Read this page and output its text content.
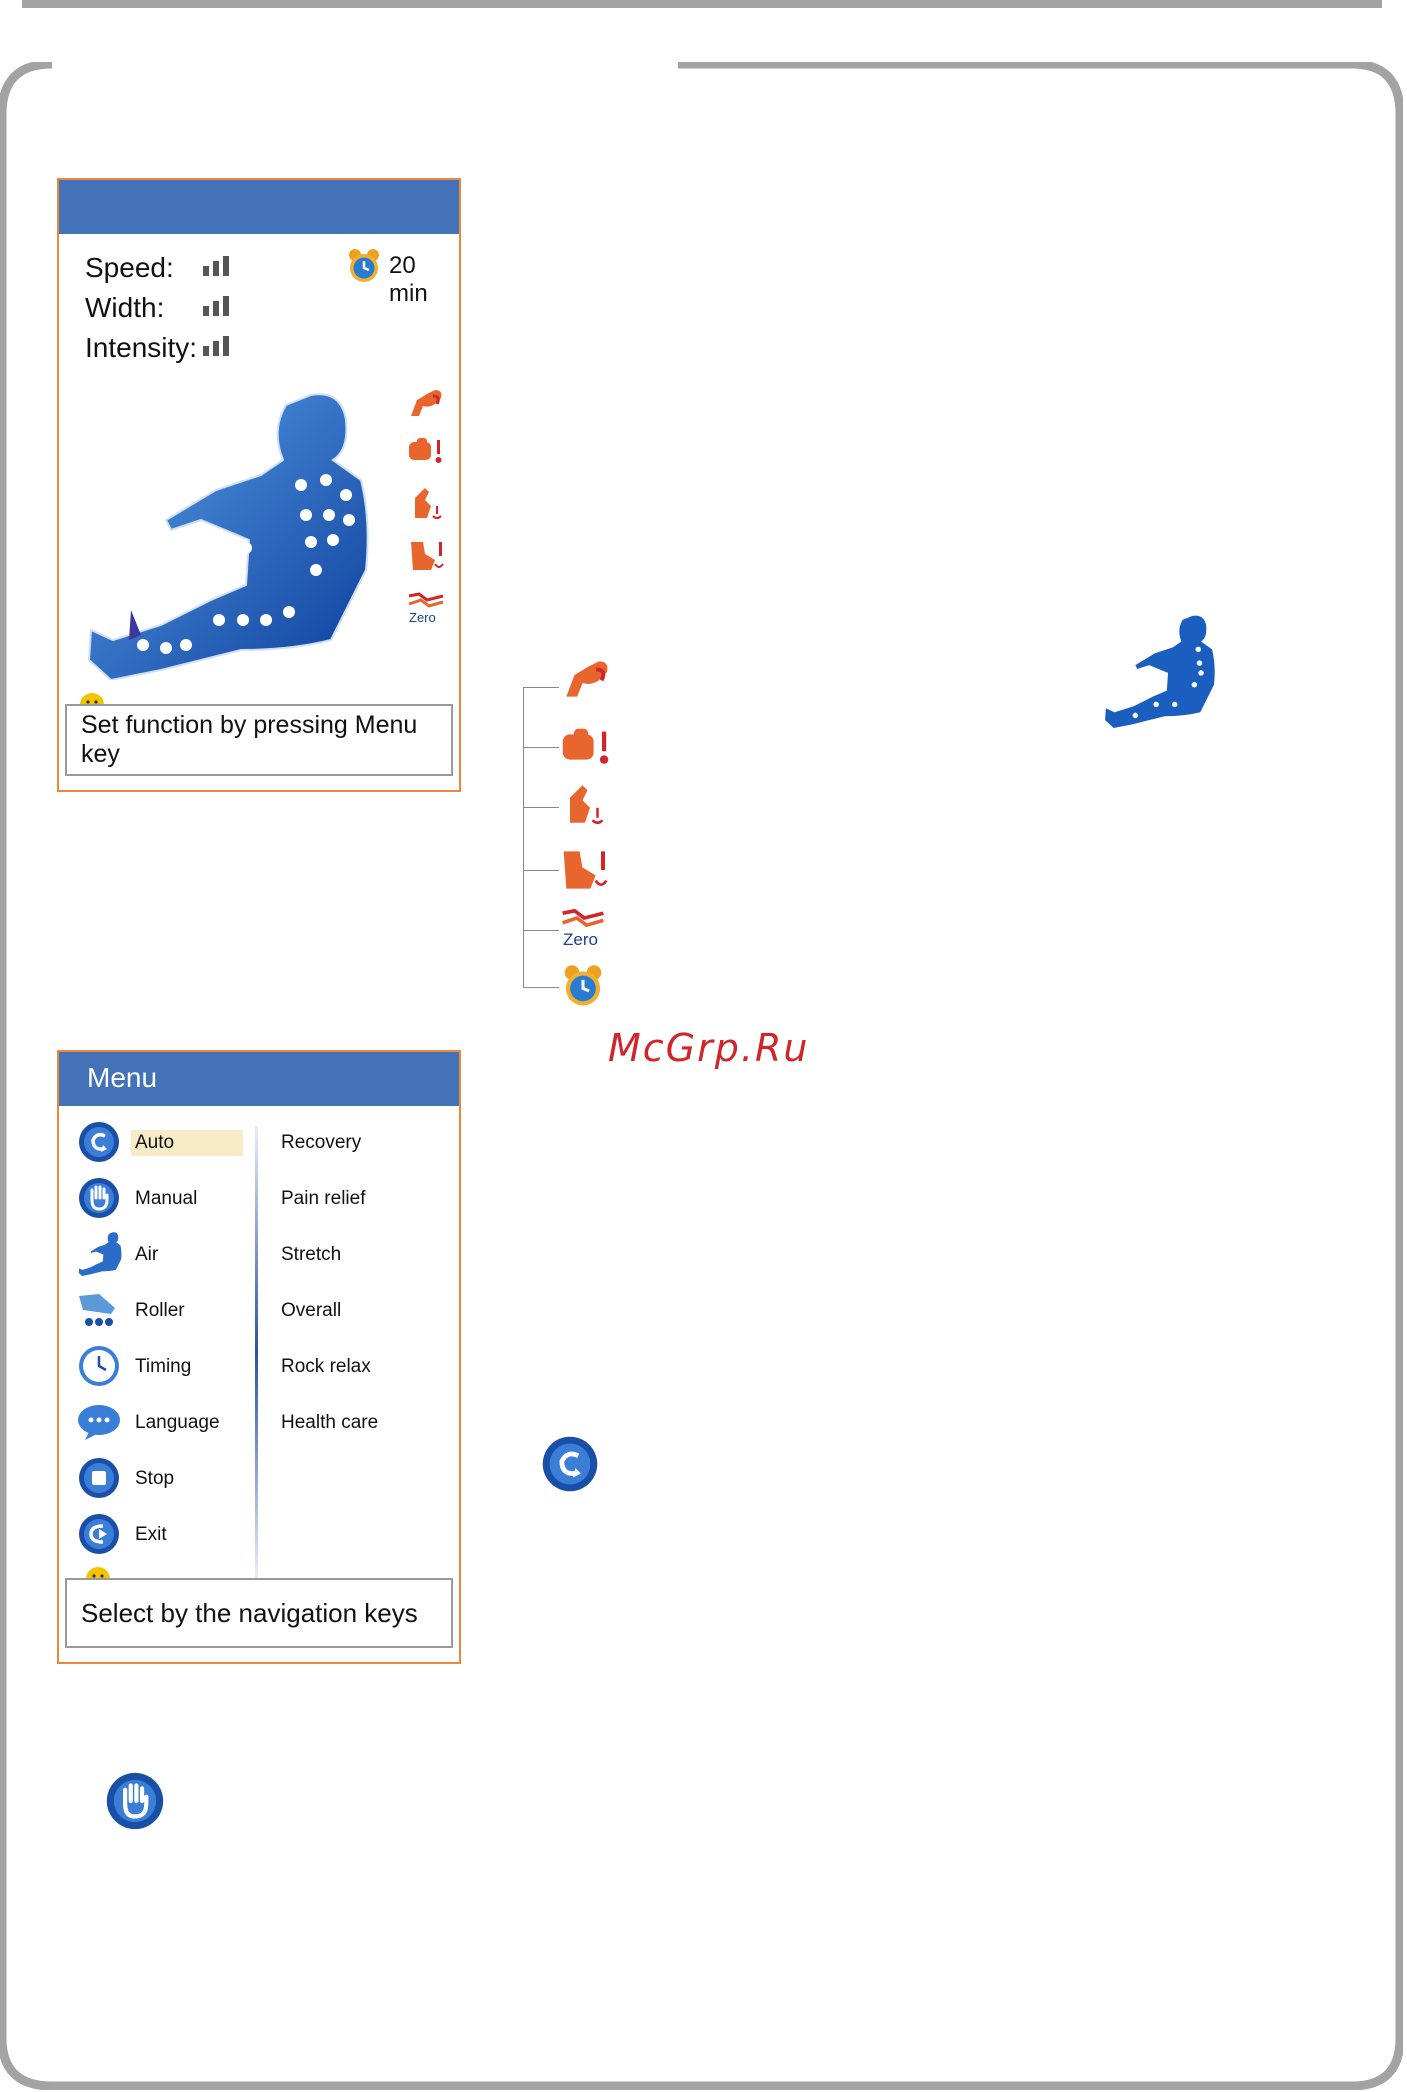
Speed:
Width:
Intensity:
20 min
Zero
Set function by pressing Menu key
Zero
McGrp.Ru
Menu
Auto
Manual
Air
Roller
Timing
Language
Stop
Exit
Recovery
Pain relief
Stretch
Overall
Rock relax
Health care
Select by the navigation keys
